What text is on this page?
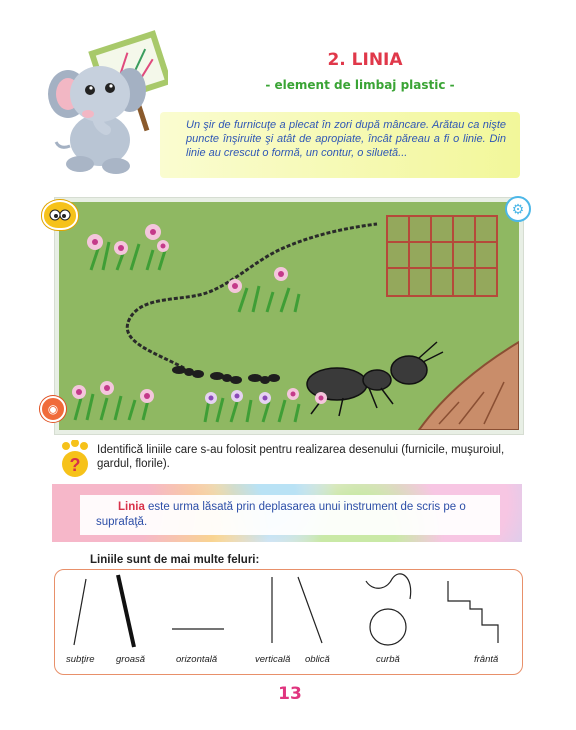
2. LINIA
- element de limbaj plastic -

Un şir de furnicuţe a plecat în zori după mâncare. Arătau ca nişte puncte înşiruite şi atât de apropiate, încât păreau a fi o linie. Din linie au crescut o formă, un contur, o siluetă...

⚙
◉
?
Identifică liniile care s-au folosit pentru realizarea desenului (furnicile, muşuroiul, gardul, florile).
Linia este urma lăsată prin deplasarea unui instrument de scris pe o suprafaţă.
Liniile sunt de mai multe feluri:
subţire groasă	orizontală	verticală oblică	curbă	frântă
13
